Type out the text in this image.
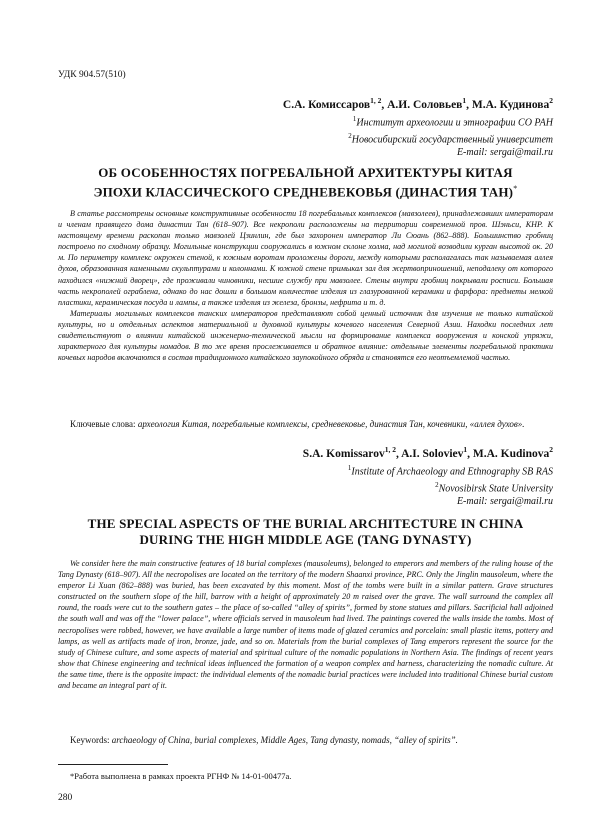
УДК 904.57(510)
С.А. Комиссаров$^{1, 2}$, А.И. Соловьев$^1$, М.А. Кудинова$^2$
$^1$Институт археологии и этнографии СО РАН
$^2$Новосибирский государственный университет
E-mail: sergai@mail.ru
ОБ ОСОБЕННОСТЯХ ПОГРЕБАЛЬНОЙ АРХИТЕКТУРЫ КИТАЯ
ЭПОХИ КЛАССИЧЕСКОГО СРЕДНЕВЕКОВЬЯ (ДИНАСТИЯ ТАН)*

В статье рассмотрены основные конструктивные особенности 18 погребальных комплексов (мавзолеев), принадлежавших императорам и членам правящего дома династии Тан (618–907). Все некрополи расположены на территории современной пров. Шэньси, КНР. К настоящему времени раскопан только мавзолей Цзинлин, где был захоронен император Ли Сюань (862–888). Большинство гробниц построено по сходному образцу. Могильные конструкции сооружались в южном склоне холма, над могилой возводили курган высотой ок. 20 м. По периметру комплекс окружен стеной, к южным воротам проложены дороги, между которыми располагалась так называемая аллея духов, образованная каменными скульптурами и колоннами. К южной стене примыкал зал для жертвоприношений, неподалеку от которого находился «нижний дворец», где проживали чиновники, несшие службу при мавзолее. Стены внутри гробниц покрывали росписи. Большая часть некрополей ограблена, однако до нас дошли в большом количестве изделия из глазурованной керамики и фарфора: предметы мелкой пластики, керамическая посуда и лампы, а также изделия из железа, бронзы, нефрита и т. д.

Материалы могильных комплексов танских императоров представляют собой ценный источник для изучения не только китайской культуры, но и отдельных аспектов материальной и духовной культуры кочевого населения Северной Азии. Находки последних лет свидетельствуют о влиянии китайской инженерно-технической мысли на формирование комплекса вооружения и конской упряжи, характерного для культуры номадов. В то же время прослеживается и обратное влияние: отдельные элементы погребальной практики кочевых народов включаются в состав традиционного китайского заупокойного обряда и становятся его неотъемлемой частью.

Ключевые слова: археология Китая, погребальные комплексы, средневековье, династия Тан, кочевники, «аллея духов».
S.A. Komissarov$^{1, 2}$, A.I. Soloviev$^1$, M.A. Kudinova$^2$
$^1$Institute of Archaeology and Ethnography SB RAS
$^2$Novosibirsk State University
E-mail: sergai@mail.ru
THE SPECIAL ASPECTS OF THE BURIAL ARCHITECTURE IN CHINA
DURING THE HIGH MIDDLE AGE (TANG DYNASTY)

We consider here the main constructive features of 18 burial complexes (mausoleums), belonged to emperors and members of the ruling house of the Tang Dynasty (618–907). All the necropolises are located on the territory of the modern Shaanxi province, PRC. Only the Jinglin mausoleum, where the emperor Li Xuan (862–888) was buried, has been excavated by this moment. Most of the tombs were built in a similar pattern. Grave structures constructed on the southern slope of the hill, barrow with a height of approximately 20 m raised over the grave. The wall surround the complex all round, the roads were cut to the southern gates – the place of so-called “alley of spirits”, formed by stone statues and pillars. Sacrificial hall adjoined the south wall and was off the “lower palace”, where officials served in mausoleum had lived. The paintings covered the walls inside the tombs. Most of necropolises were robbed, however, we have available a large number of items made of glazed ceramics and porcelain: small plastic items, pottery and lamps, as well as artifacts made of iron, bronze, jade, and so on. Materials from the burial complexes of Tang emperors represent the source for the study of Chinese culture, and some aspects of material and spiritual culture of the nomadic populations in Northern Asia. The findings of recent years show that Chinese engineering and technical ideas influenced the formation of a weapon complex and harness, characterizing the nomadic culture. At the same time, there is the opposite impact: the individual elements of the nomadic burial practices were included into traditional Chinese burial custom and became an integral part of it.

Keywords: archaeology of China, burial complexes, Middle Ages, Tang dynasty, nomads, “alley of spirits”.
*Работа выполнена в рамках проекта РГНФ № 14-01-00477а.
280
